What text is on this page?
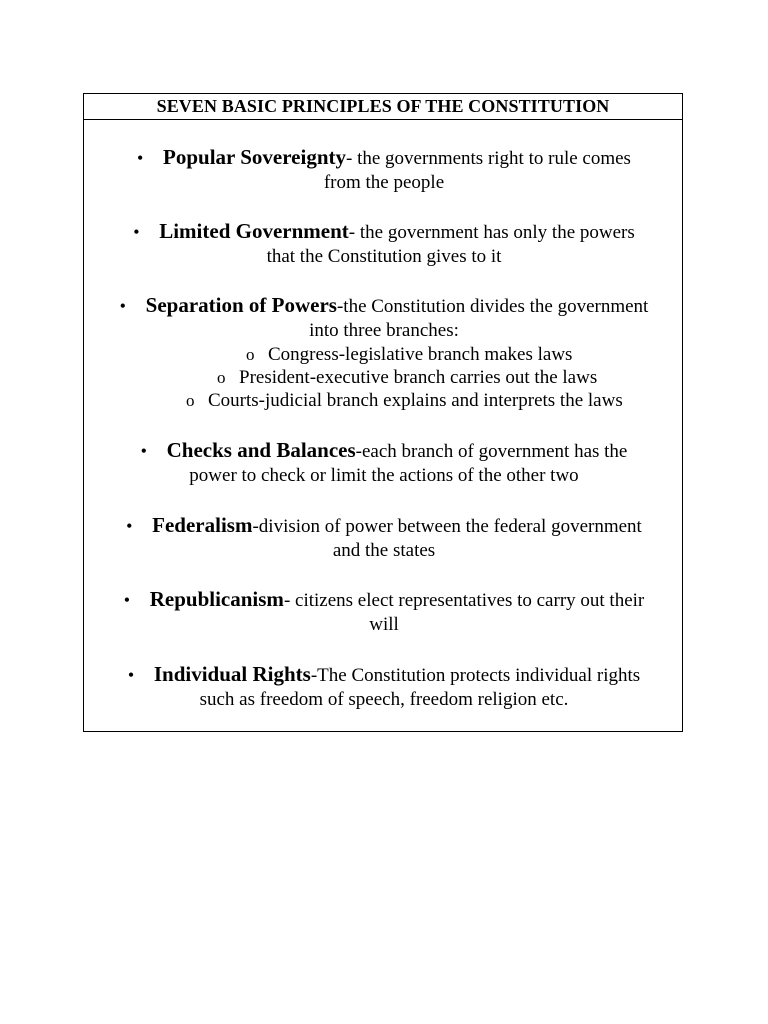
SEVEN BASIC PRINCIPLES OF THE CONSTITUTION
• Popular Sovereignty- the governments right to rule comes
from the people
• Limited Government- the government has only the powers
that the Constitution gives to it
• Separation of Powers-the Constitution divides the government
into three branches:
o Congress-legislative branch makes laws
o President-executive branch carries out the laws
o Courts-judicial branch explains and interprets the laws
• Checks and Balances-each branch of government has the
power to check or limit the actions of the other two
• Federalism-division of power between the federal government
and the states
• Republicanism- citizens elect representatives to carry out their
will
• Individual Rights-The Constitution protects individual rights
such as freedom of speech, freedom religion etc.
